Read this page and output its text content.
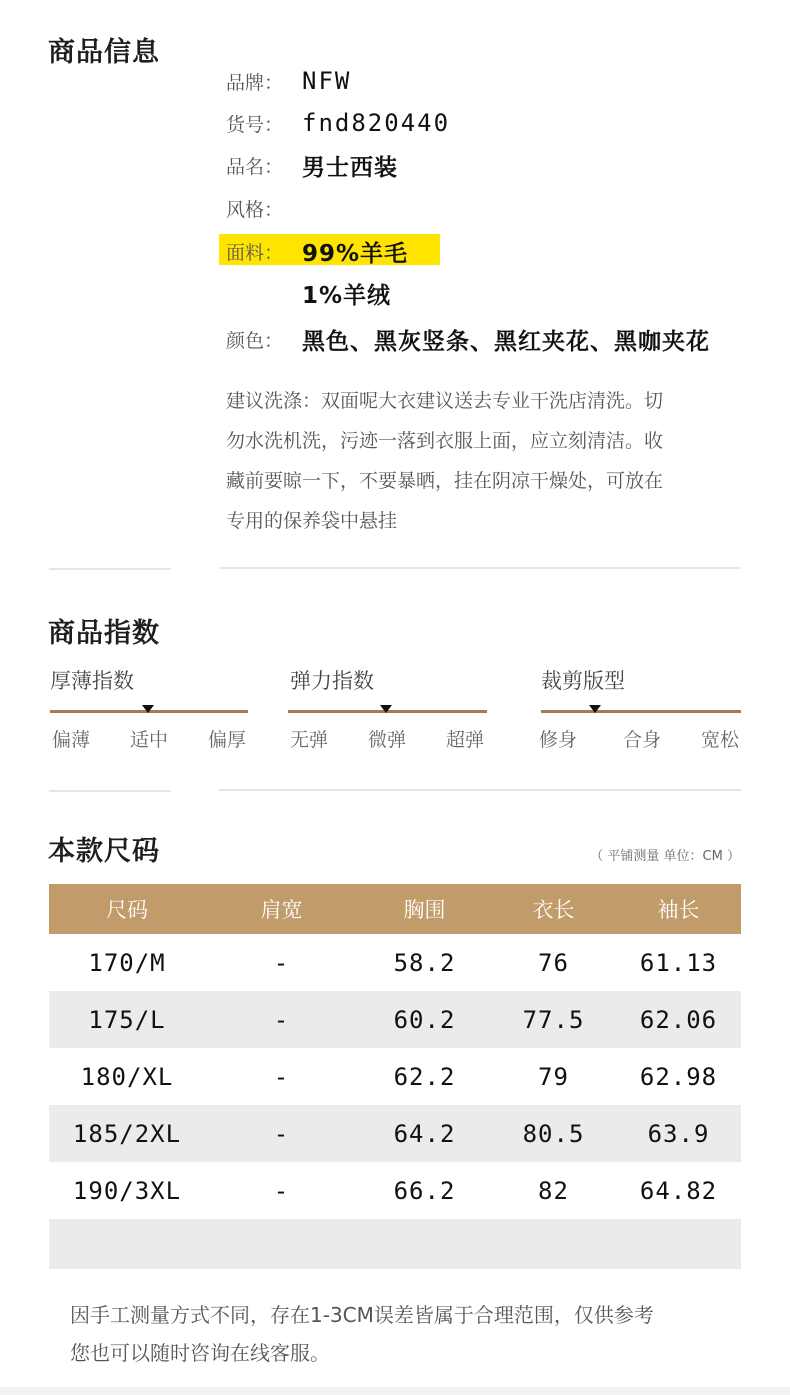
商品信息
品牌： NFW
货号： fnd820440
品名： 男士西装
风格：
面料： 99%羊毛
1%羊绒
颜色： 黑色、黑灰竖条、黑红夹花、黑咖夹花
建议洗涤：双面呢大衣建议送去专业干洗店清洗。切
勿水洗机洗，污迹一落到衣服上面，应立刻清洁。收
藏前要晾一下，不要暴晒，挂在阴凉干燥处，可放在
专用的保养袋中悬挂
商品指数
厚薄指数
偏薄 适中 偏厚
弹力指数
无弹 微弹 超弹
裁剪版型
修身 合身 宽松
本款尺码	（ 平铺测量 单位：CM ）
尺码	肩宽	胸围	衣长	袖长
170/M	-	58.2	76	61.13
175/L	-	60.2	77.5	62.06
180/XL	-	62.2	79	62.98
185/2XL	-	64.2	80.5	63.9
190/3XL	-	66.2	82	64.82
因手工测量方式不同，存在1-3CM误差皆属于合理范围，仅供参考
您也可以随时咨询在线客服。
